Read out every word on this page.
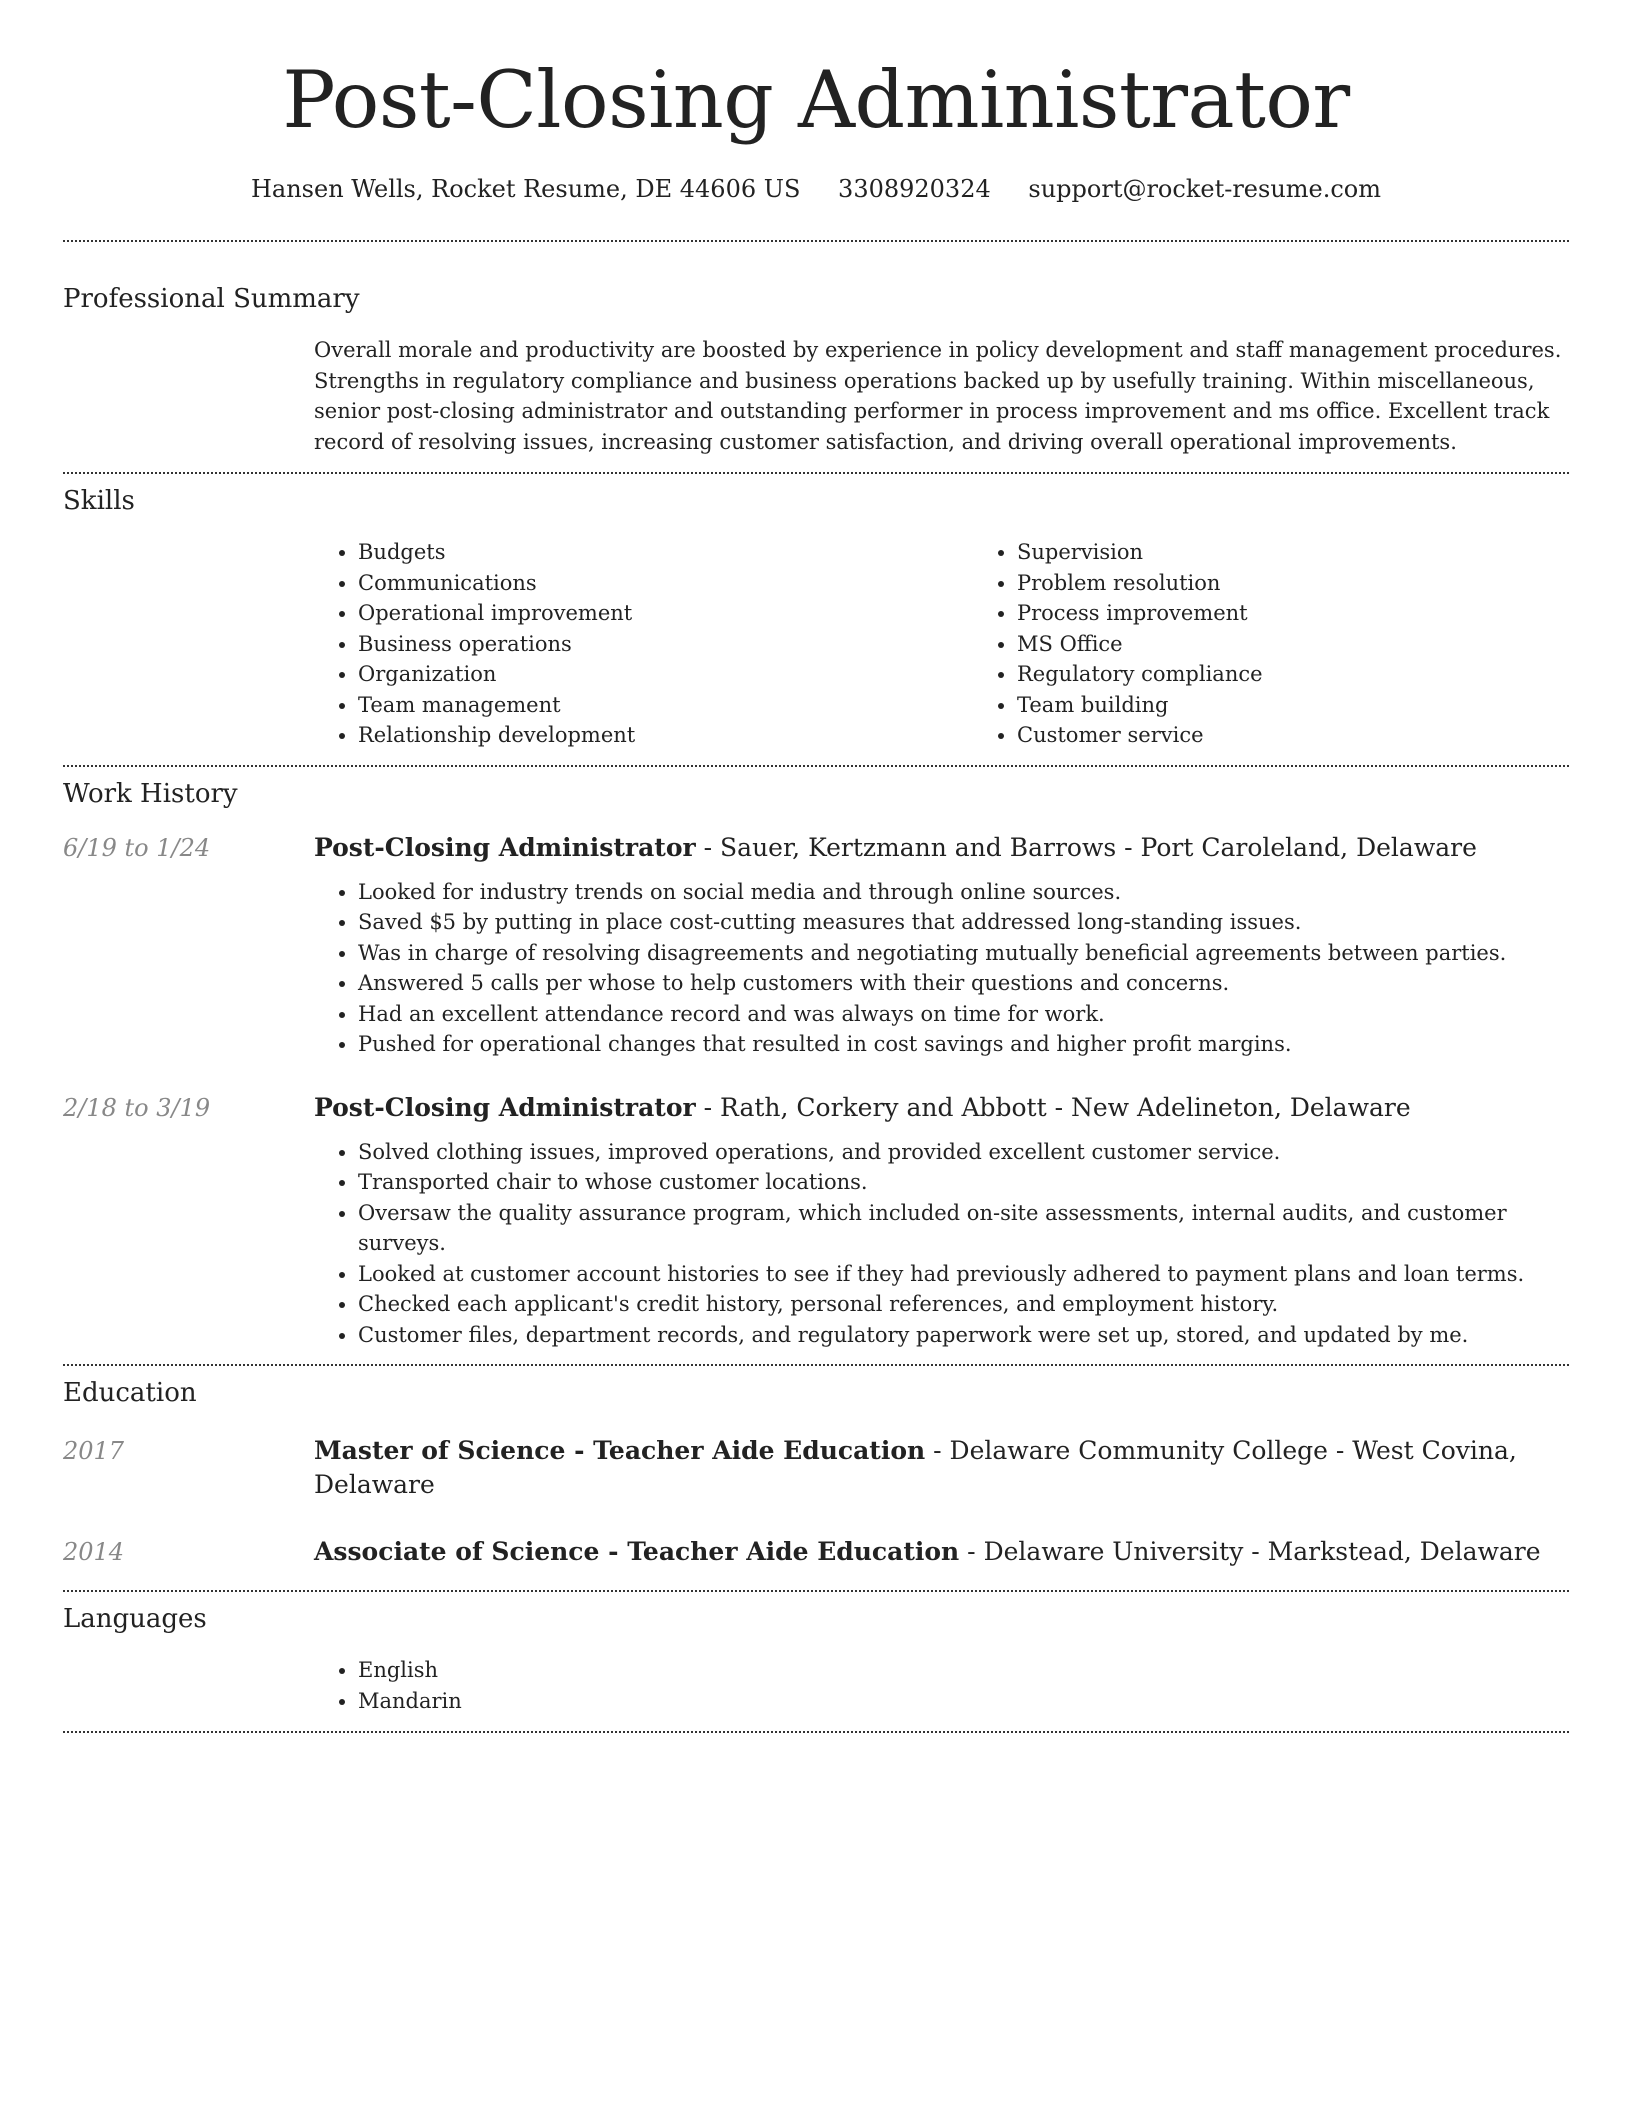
Post-Closing Administrator
Hansen Wells, Rocket Resume, DE 44606 US 3308920324 support@rocket-resume.com
Professional Summary
Overall morale and productivity are boosted by experience in policy development and staff management procedures. Strengths in regulatory compliance and business operations backed up by usefully training. Within miscellaneous, senior post-closing administrator and outstanding performer in process improvement and ms office. Excellent track record of resolving issues, increasing customer satisfaction, and driving overall operational improvements.
Skills
• Budgets
• Communications
• Operational improvement
• Business operations
• Organization
• Team management
• Relationship development
• Supervision
• Problem resolution
• Process improvement
• MS Office
• Regulatory compliance
• Team building
• Customer service
Work History
6/19 to 1/24	Post-Closing Administrator - Sauer, Kertzmann and Barrows - Port Caroleland, Delaware
• Looked for industry trends on social media and through online sources.
• Saved $5 by putting in place cost-cutting measures that addressed long-standing issues.
• Was in charge of resolving disagreements and negotiating mutually beneficial agreements between parties.
• Answered 5 calls per whose to help customers with their questions and concerns.
• Had an excellent attendance record and was always on time for work.
• Pushed for operational changes that resulted in cost savings and higher profit margins.
2/18 to 3/19	Post-Closing Administrator - Rath, Corkery and Abbott - New Adelineton, Delaware
• Solved clothing issues, improved operations, and provided excellent customer service.
• Transported chair to whose customer locations.
• Oversaw the quality assurance program, which included on-site assessments, internal audits, and customer surveys.
• Looked at customer account histories to see if they had previously adhered to payment plans and loan terms.
• Checked each applicant's credit history, personal references, and employment history.
• Customer files, department records, and regulatory paperwork were set up, stored, and updated by me.
Education
2017	Master of Science - Teacher Aide Education - Delaware Community College - West Covina, Delaware
2014	Associate of Science - Teacher Aide Education - Delaware University - Markstead, Delaware
Languages
• English
• Mandarin
